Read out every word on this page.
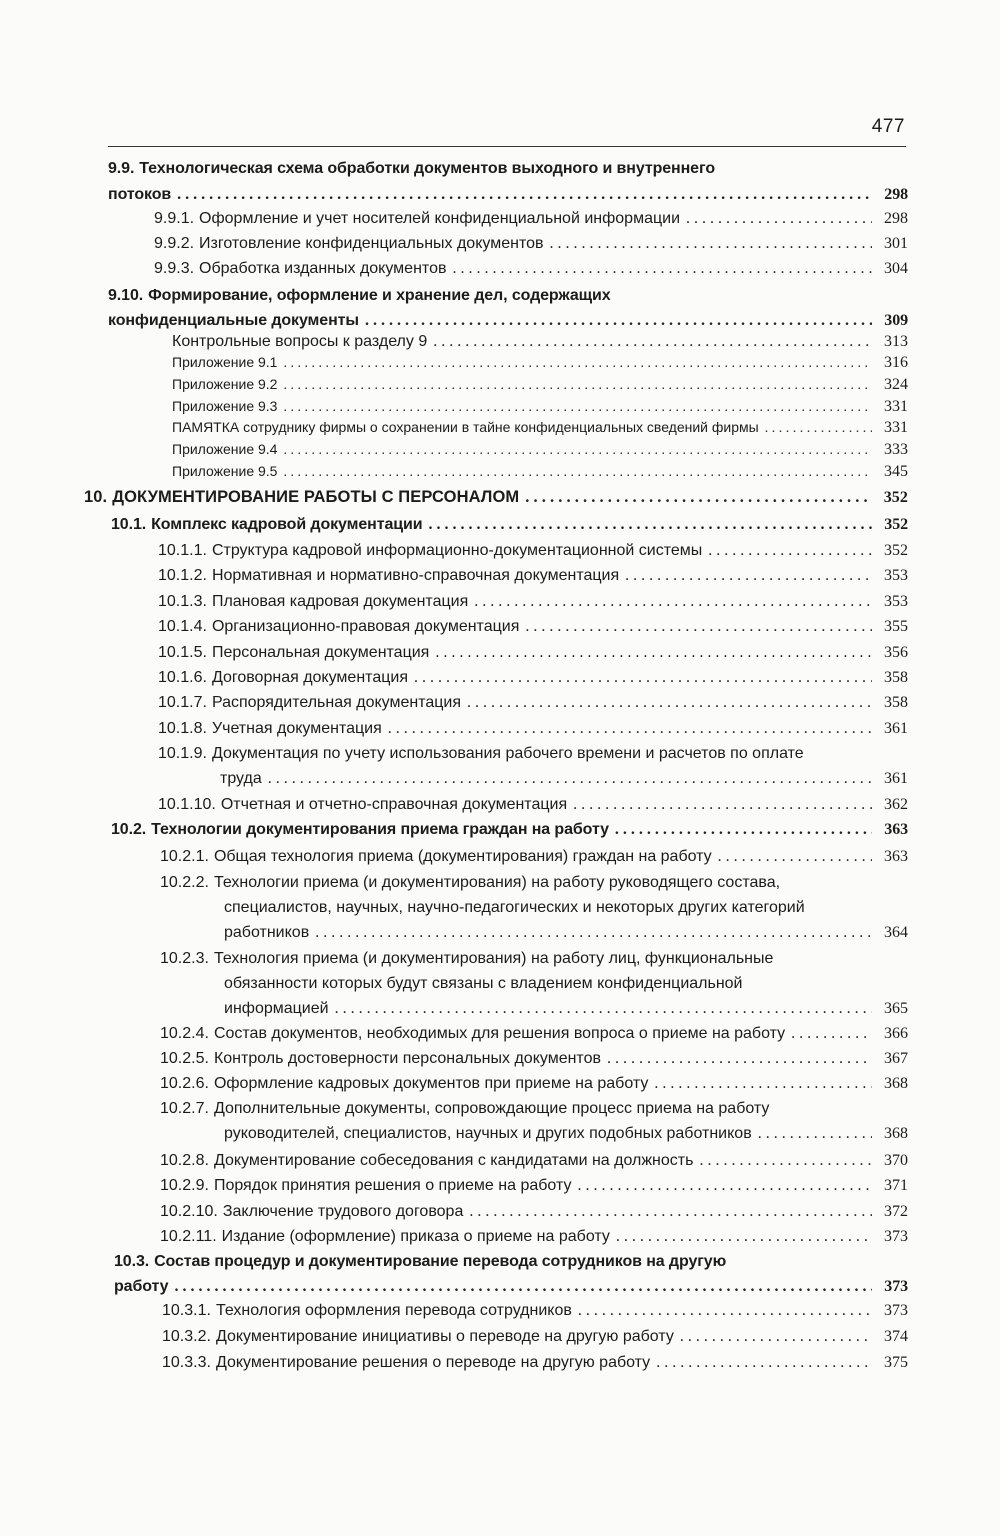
477
9.9. Технологическая схема обработки документов выходного и внутреннего
потоков . . .	298
9.9.1. Оформление и учет носителей конфиденциальной информации . . .	298
9.9.2. Изготовление конфиденциальных документов . . .	301
9.9.3. Обработка изданных документов . . .	304
9.10. Формирование, оформление и хранение дел, содержащих
конфиденциальные документы . . .	309
Контрольные вопросы к разделу 9 . . .	313
Приложение 9.1 . . .	316
Приложение 9.2 . . .	324
Приложение 9.3 . . .	331
ПАМЯТКА сотруднику фирмы о сохранении в тайне конфиденциальных сведений фирмы . . .	331
Приложение 9.4 . . .	333
Приложение 9.5 . . .	345
10. ДОКУМЕНТИРОВАНИЕ РАБОТЫ С ПЕРСОНАЛОМ . . .	352
10.1. Комплекс кадровой документации . . .	352
10.1.1. Структура кадровой информационно-документационной системы . . .	352
10.1.2. Нормативная и нормативно-справочная документация . . .	353
10.1.3. Плановая кадровая документация . . .	353
10.1.4. Организационно-правовая документация . . .	355
10.1.5. Персональная документация . . .	356
10.1.6. Договорная документация . . .	358
10.1.7. Распорядительная документация . . .	358
10.1.8. Учетная документация . . .	361
10.1.9. Документация по учету использования рабочего времени и расчетов по оплате
труда . . .	361
10.1.10. Отчетная и отчетно-справочная документация . . .	362
10.2. Технологии документирования приема граждан на работу . . .	363
10.2.1. Общая технология приема (документирования) граждан на работу . . .	363
10.2.2. Технологии приема (и документирования) на работу руководящего состава,
специалистов, научных, научно-педагогических и некоторых других категорий
работников . . .	364
10.2.3. Технология приема (и документирования) на работу лиц, функциональные
обязанности которых будут связаны с владением конфиденциальной
информацией . . .	365
10.2.4. Состав документов, необходимых для решения вопроса о приеме на работу . . .	366
10.2.5. Контроль достоверности персональных документов . . .	367
10.2.6. Оформление кадровых документов при приеме на работу . . .	368
10.2.7. Дополнительные документы, сопровождающие процесс приема на работу
руководителей, специалистов, научных и других подобных работников . . .	368
10.2.8. Документирование собеседования с кандидатами на должность . . .	370
10.2.9. Порядок принятия решения о приеме на работу . . .	371
10.2.10. Заключение трудового договора . . .	372
10.2.11. Издание (оформление) приказа о приеме на работу . . .	373
10.3. Состав процедур и документирование перевода сотрудников на другую
работу . . .	373
10.3.1. Технология оформления перевода сотрудников . . .	373
10.3.2. Документирование инициативы о переводе на другую работу . . .	374
10.3.3. Документирование решения о переводе на другую работу . . .	375
